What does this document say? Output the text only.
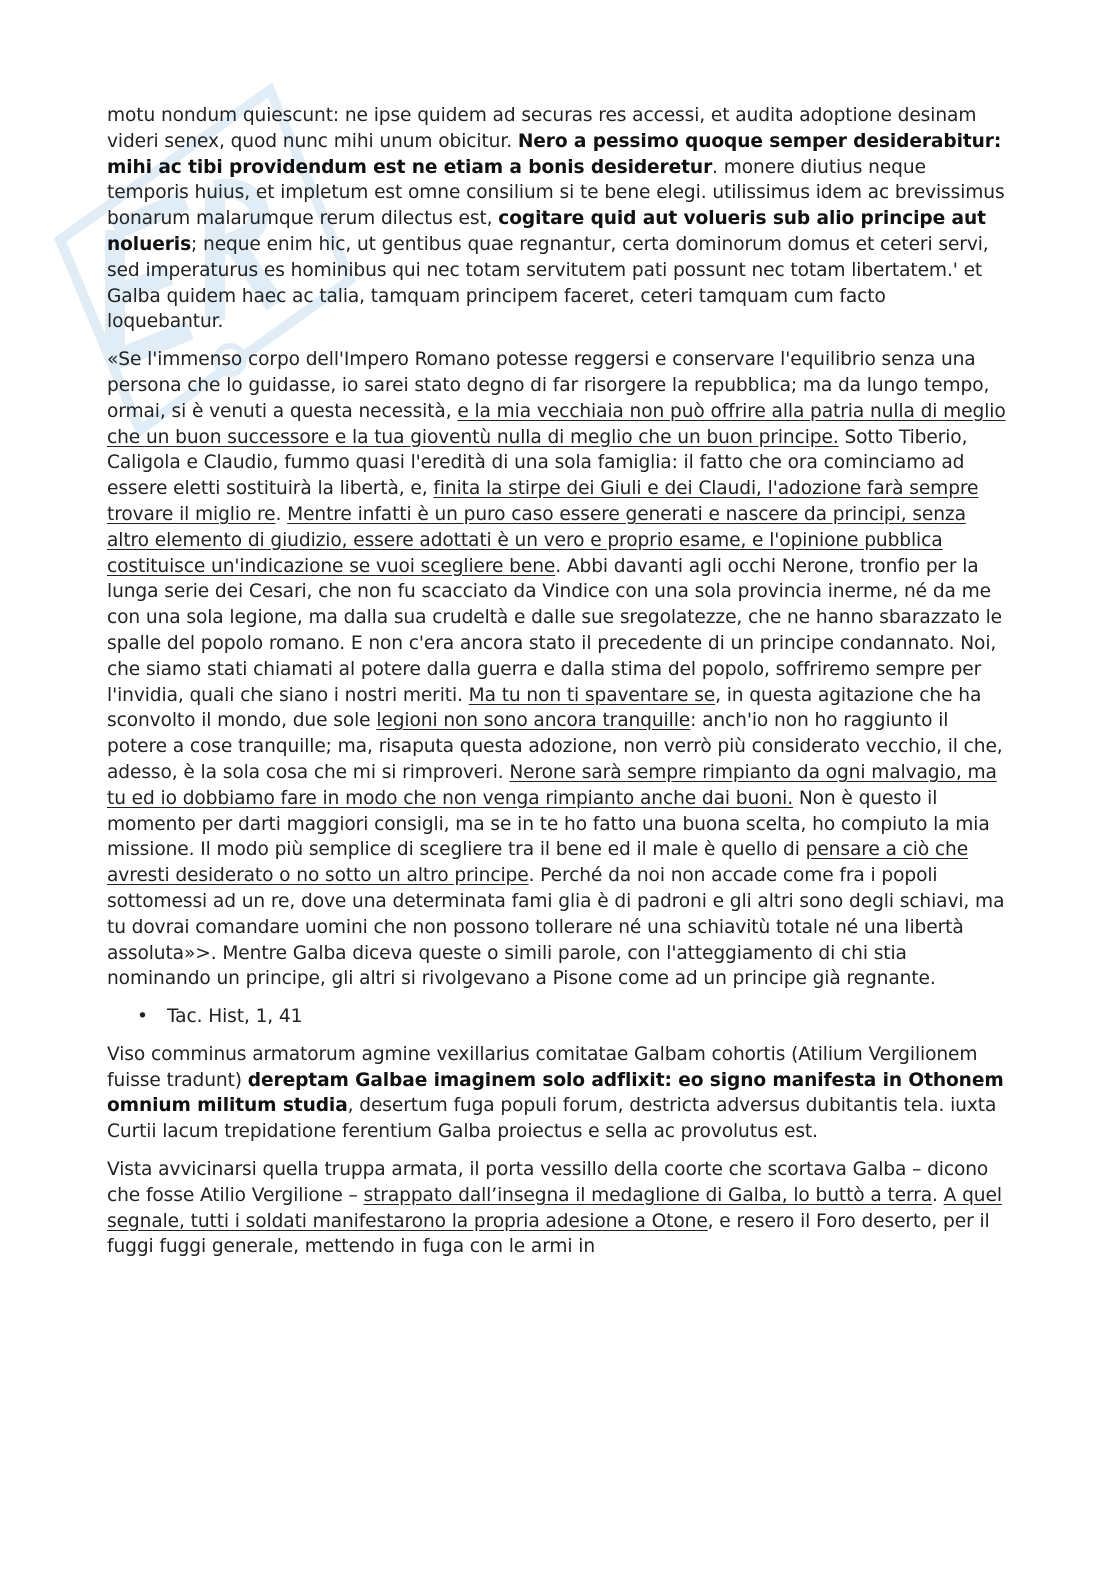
motu nondum quiescunt: ne ipse quidem ad securas res accessi, et audita adoptione desinam videri senex, quod nunc mihi unum obicitur. Nero a pessimo quoque semper desiderabitur: mihi ac tibi providendum est ne etiam a bonis desideretur. monere diutius neque temporis huius, et impletum est omne consilium si te bene elegi. utilissimus idem ac brevissimus bonarum malarumque rerum dilectus est, cogitare quid aut volueris sub alio principe aut nolueris; neque enim hic, ut gentibus quae regnantur, certa dominorum domus et ceteri servi, sed imperaturus es hominibus qui nec totam servitutem pati possunt nec totam libertatem.' et Galba quidem haec ac talia, tamquam principem faceret, ceteri tamquam cum facto loquebantur.

«Se l'immenso corpo dell'Impero Romano potesse reggersi e conservare l'equilibrio senza una persona che lo guidasse, io sarei stato degno di far risorgere la repubblica; ma da lungo tempo, ormai, si è venuti a questa necessità, e la mia vecchiaia non può offrire alla patria nulla di meglio che un buon successore e la tua gioventù nulla di meglio che un buon principe. Sotto Tiberio, Caligola e Claudio, fummo quasi l'eredità di una sola famiglia: il fatto che ora cominciamo ad essere eletti sostituirà la libertà, e, finita la stirpe dei Giuli e dei Claudi, l'adozione farà sempre trovare il miglio re. Mentre infatti è un puro caso essere generati e nascere da principi, senza altro elemento di giudizio, essere adottati è un vero e proprio esame, e l'opinione pubblica costituisce un'indicazione se vuoi scegliere bene. Abbi davanti agli occhi Nerone, tronfio per la lunga serie dei Cesari, che non fu scacciato da Vindice con una sola provincia inerme, né da me con una sola legione, ma dalla sua crudeltà e dalle sue sregolatezze, che ne hanno sbarazzato le spalle del popolo romano. E non c'era ancora stato il precedente di un principe condannato. Noi, che siamo stati chiamati al potere dalla guerra e dalla stima del popolo, soffriremo sempre per l'invidia, quali che siano i nostri meriti. Ma tu non ti spaventare se, in questa agitazione che ha sconvolto il mondo, due sole legioni non sono ancora tranquille: anch'io non ho raggiunto il potere a cose tranquille; ma, risaputa questa adozione, non verrò più considerato vecchio, il che, adesso, è la sola cosa che mi si rimproveri. Nerone sarà sempre rimpianto da ogni malvagio, ma tu ed io dobbiamo fare in modo che non venga rimpianto anche dai buoni. Non è questo il momento per darti maggiori consigli, ma se in te ho fatto una buona scelta, ho compiuto la mia missione. Il modo più semplice di scegliere tra il bene ed il male è quello di pensare a ciò che avresti desiderato o no sotto un altro principe. Perché da noi non accade come fra i popoli sottomessi ad un re, dove una determinata fami glia è di padroni e gli altri sono degli schiavi, ma tu dovrai comandare uomini che non possono tollerare né una schiavitù totale né una libertà assoluta»>. Mentre Galba diceva queste o simili parole, con l'atteggiamento di chi stia nominando un principe, gli altri si rivolgevano a Pisone come ad un principe già regnante.

• Tac. Hist, 1, 41

Viso comminus armatorum agmine vexillarius comitatae Galbam cohortis (Atilium Vergilionem fuisse tradunt) dereptam Galbae imaginem solo adflixit: eo signo manifesta in Othonem omnium militum studia, desertum fuga populi forum, destricta adversus dubitantis tela. iuxta Curtii lacum trepidatione ferentium Galba proiectus e sella ac provolutus est.

Vista avvicinarsi quella truppa armata, il porta vessillo della coorte che scortava Galba – dicono che fosse Atilio Vergilione – strappato dall’insegna il medaglione di Galba, lo buttò a terra. A quel segnale, tutti i soldati manifestarono la propria adesione a Otone, e resero il Foro deserto, per il fuggi fuggi generale, mettendo in fuga con le armi in
